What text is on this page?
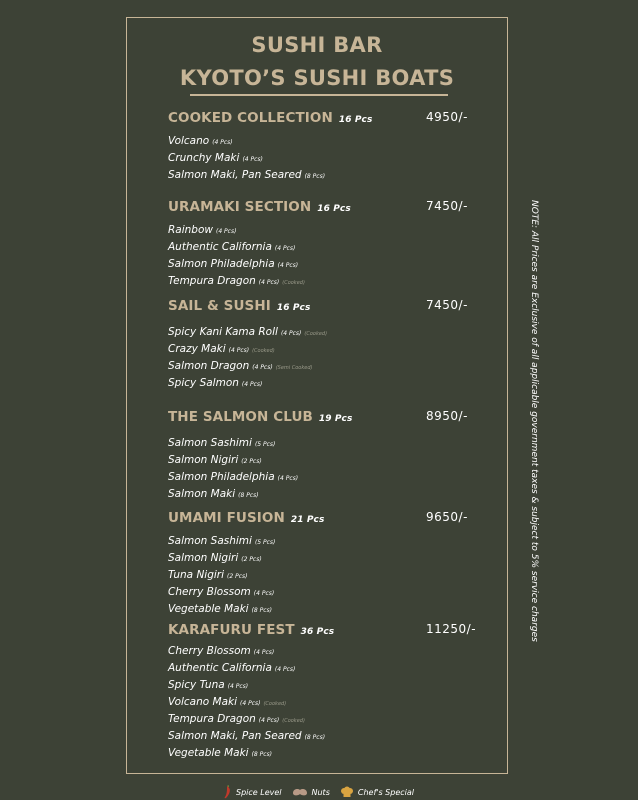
SUSHI BAR
KYOTO’S SUSHI BOATS
COOKED COLLECTION 16 Pcs	4950/-
Volcano (4 Pcs)
Crunchy Maki (4 Pcs)
Salmon Maki, Pan Seared (8 Pcs)
URAMAKI SECTION 16 Pcs	7450/-
Rainbow (4 Pcs)
Authentic California (4 Pcs)
Salmon Philadelphia (4 Pcs)
Tempura Dragon (4 Pcs) (Cooked)
SAIL & SUSHI 16 Pcs	7450/-
Spicy Kani Kama Roll (4 Pcs) (Cooked)
Crazy Maki (4 Pcs) (Cooked)
Salmon Dragon (4 Pcs) (Semi Cooked)
Spicy Salmon (4 Pcs)
THE SALMON CLUB 19 Pcs	8950/-
Salmon Sashimi (5 Pcs)
Salmon Nigiri (2 Pcs)
Salmon Philadelphia (4 Pcs)
Salmon Maki (8 Pcs)
UMAMI FUSION 21 Pcs	9650/-
Salmon Sashimi (5 Pcs)
Salmon Nigiri (2 Pcs)
Tuna Nigiri (2 Pcs)
Cherry Blossom (4 Pcs)
Vegetable Maki (8 Pcs)
KARAFURU FEST 36 Pcs	11250/-
Cherry Blossom (4 Pcs)
Authentic California (4 Pcs)
Spicy Tuna (4 Pcs)
Volcano Maki (4 Pcs) (Cooked)
Tempura Dragon (4 Pcs) (Cooked)
Salmon Maki, Pan Seared (8 Pcs)
Vegetable Maki (8 Pcs)
NOTE: All Prices are Exclusive of all applicable government taxes & subject to 5% service charges
Spice Level	Nuts	Chef's Special
